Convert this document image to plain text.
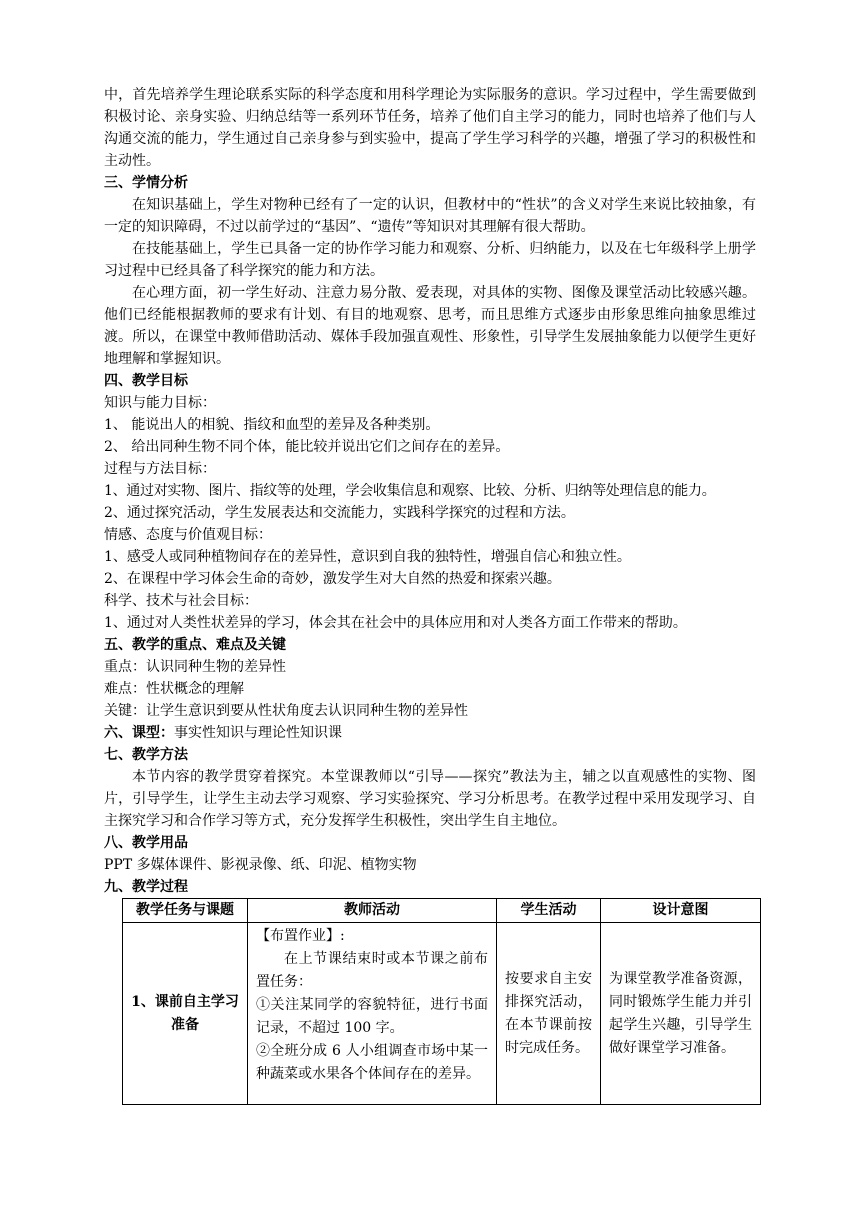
中，首先培养学生理论联系实际的科学态度和用科学理论为实际服务的意识。学习过程中，学生需要做到积极讨论、亲身实验、归纳总结等一系列环节任务，培养了他们自主学习的能力，同时也培养了他们与人沟通交流的能力，学生通过自己亲身参与到实验中，提高了学生学习科学的兴趣，增强了学习的积极性和主动性。

三、学情分析

在知识基础上，学生对物种已经有了一定的认识，但教材中的“性状”的含义对学生来说比较抽象，有一定的知识障碍，不过以前学过的“基因”、“遗传”等知识对其理解有很大帮助。

在技能基础上，学生已具备一定的协作学习能力和观察、分析、归纳能力，以及在七年级科学上册学习过程中已经具备了科学探究的能力和方法。

在心理方面，初一学生好动、注意力易分散、爱表现，对具体的实物、图像及课堂活动比较感兴趣。他们已经能根据教师的要求有计划、有目的地观察、思考，而且思维方式逐步由形象思维向抽象思维过渡。所以，在课堂中教师借助活动、媒体手段加强直观性、形象性，引导学生发展抽象能力以便学生更好地理解和掌握知识。

四、教学目标

知识与能力目标：

1、 能说出人的相貌、指纹和血型的差异及各种类别。

2、 给出同种生物不同个体，能比较并说出它们之间存在的差异。

过程与方法目标：

1、通过对实物、图片、指纹等的处理，学会收集信息和观察、比较、分析、归纳等处理信息的能力。

2、通过探究活动，学生发展表达和交流能力，实践科学探究的过程和方法。

情感、态度与价值观目标：

1、感受人或同种植物间存在的差异性，意识到自我的独特性，增强自信心和独立性。

2、在课程中学习体会生命的奇妙，激发学生对大自然的热爱和探索兴趣。

科学、技术与社会目标：

1、通过对人类性状差异的学习，体会其在社会中的具体应用和对人类各方面工作带来的帮助。

五、教学的重点、难点及关键

重点：认识同种生物的差异性

难点：性状概念的理解

关键：让学生意识到要从性状角度去认识同种生物的差异性

六、课型：事实性知识与理论性知识课

七、教学方法

本节内容的教学贯穿着探究。本堂课教师以“引导——探究”教法为主，辅之以直观感性的实物、图片，引导学生，让学生主动去学习观察、学习实验探究、学习分析思考。在教学过程中采用发现学习、自主探究学习和合作学习等方式，充分发挥学生积极性，突出学生自主地位。

八、教学用品

PPT 多媒体课件、影视录像、纸、印泥、植物实物

九、教学过程

教学任务与课题	教师活动	学生活动	设计意图
1、课前自主学习准备	【布置作业】:
在上节课结束时或本节课之前布置任务：
①关注某同学的容貌特征，进行书面记录，不超过 100 字。
②全班分成 6 人小组调查市场中某一种蔬菜或水果各个体间存在的差异。	按要求自主安排探究活动，在本节课前按时完成任务。	为课堂教学准备资源，同时锻炼学生能力并引起学生兴趣，引导学生做好课堂学习准备。
